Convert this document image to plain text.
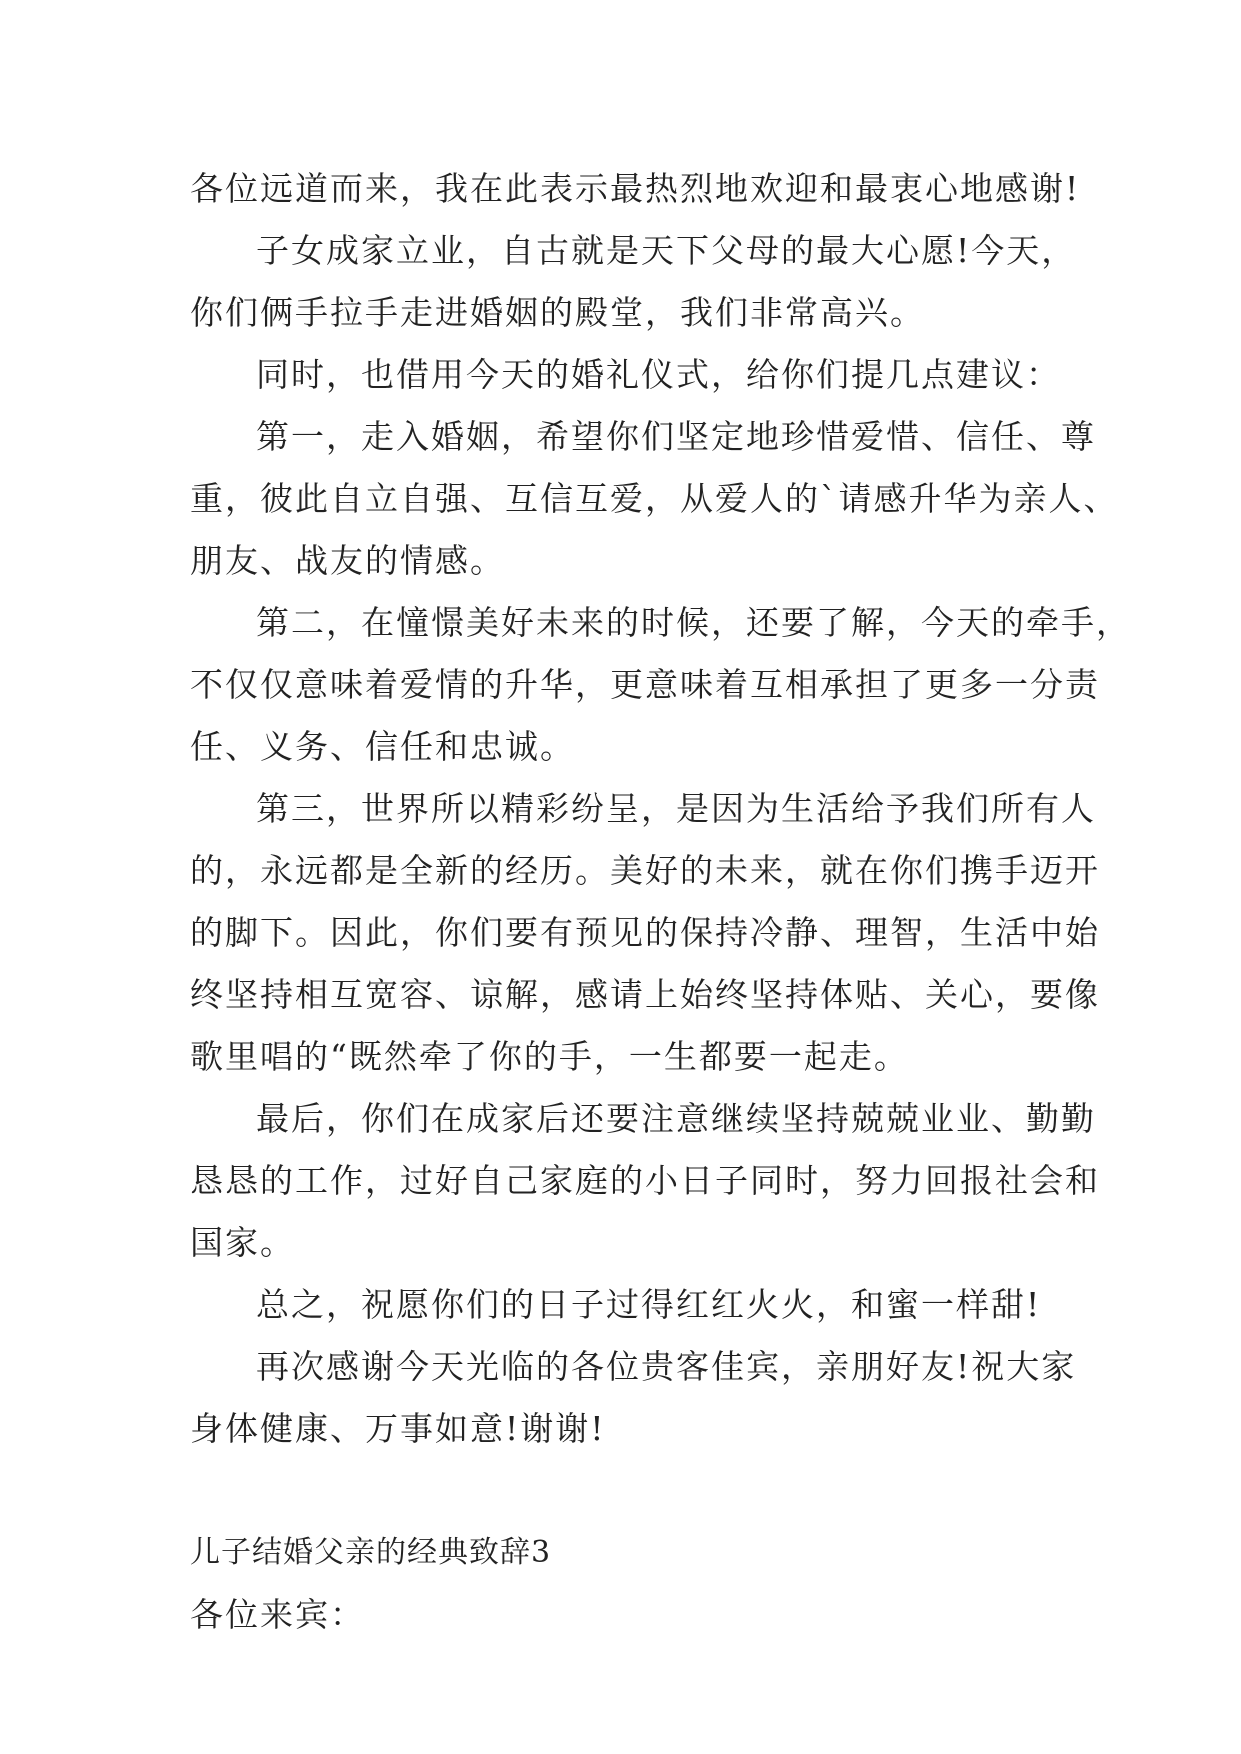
各位远道而来，我在此表示最热烈地欢迎和最衷心地感谢!
子女成家立业，自古就是天下父母的最大心愿!今天，
你们俩手拉手走进婚姻的殿堂，我们非常高兴。
同时，也借用今天的婚礼仪式，给你们提几点建议：
第一，走入婚姻，希望你们坚定地珍惜爱惜、信任、尊
重，彼此自立自强、互信互爱，从爱人的`请感升华为亲人、
朋友、战友的情感。
第二，在憧憬美好未来的时候，还要了解，今天的牵手，
不仅仅意味着爱情的升华，更意味着互相承担了更多一分责
任、义务、信任和忠诚。
第三，世界所以精彩纷呈，是因为生活给予我们所有人
的，永远都是全新的经历。美好的未来，就在你们携手迈开
的脚下。因此，你们要有预见的保持冷静、理智，生活中始
终坚持相互宽容、谅解，感请上始终坚持体贴、关心，要像
歌里唱的“既然牵了你的手，一生都要一起走。
最后，你们在成家后还要注意继续坚持兢兢业业、勤勤
恳恳的工作，过好自己家庭的小日子同时，努力回报社会和
国家。
总之，祝愿你们的日子过得红红火火，和蜜一样甜!
再次感谢今天光临的各位贵客佳宾，亲朋好友!祝大家
身体健康、万事如意!谢谢!
儿子结婚父亲的经典致辞3
各位来宾：
